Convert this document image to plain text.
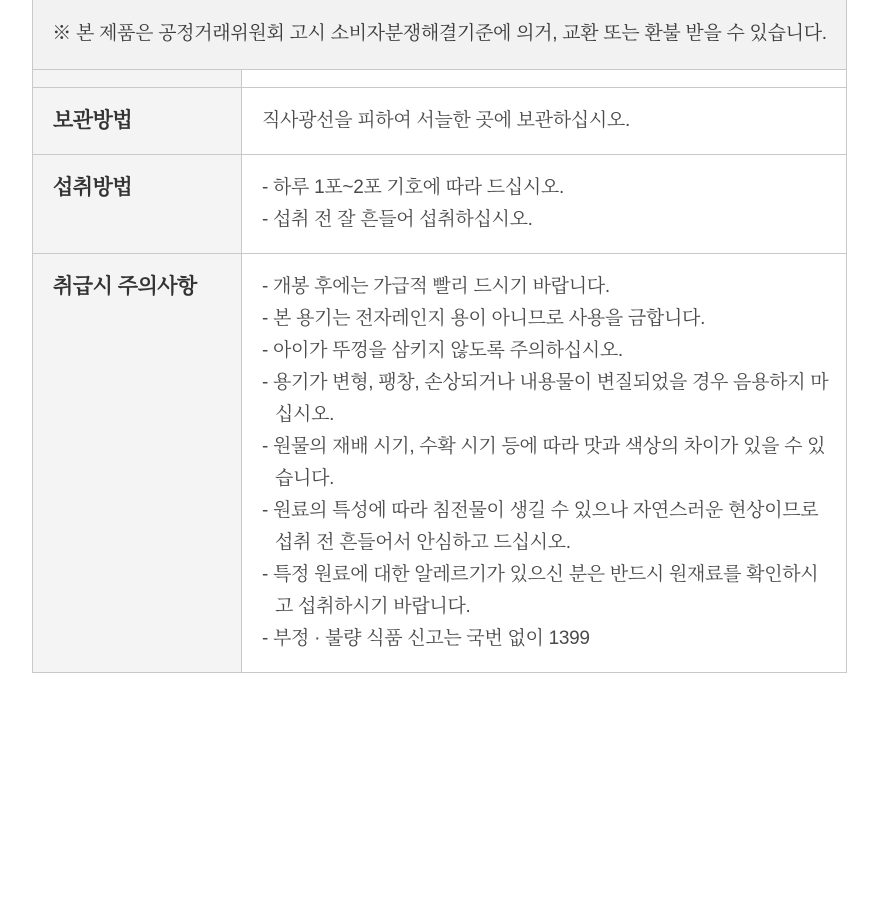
보관방법	직사광선을 피하여 서늘한 곳에 보관하십시오.
섭취방법	- 하루 1포~2포 기호에 따라 드십시오.
- 섭취 전 잘 흔들어 섭취하십시오.
취급시 주의사항	- 개봉 후에는 가급적 빨리 드시기 바랍니다.
- 본 용기는 전자레인지 용이 아니므로 사용을 금합니다.
- 아이가 뚜껑을 삼키지 않도록 주의하십시오.
- 용기가 변형, 팽창, 손상되거나 내용물이 변질되었을 경우 음용하지 마십시오.
- 원물의 재배 시기, 수확 시기 등에 따라 맛과 색상의 차이가 있을 수 있습니다.
- 원료의 특성에 따라 침전물이 생길 수 있으나 자연스러운 현상이므로 섭취 전 흔들어서 안심하고 드십시오.
- 특정 원료에 대한 알레르기가 있으신 분은 반드시 원재료를 확인하시고 섭취하시기 바랍니다.
- 부정 · 불량 식품 신고는 국번 없이 1399
※ 본 제품은 공정거래위원회 고시 소비자분쟁해결기준에 의거, 교환 또는 환불 받을 수 있습니다.
